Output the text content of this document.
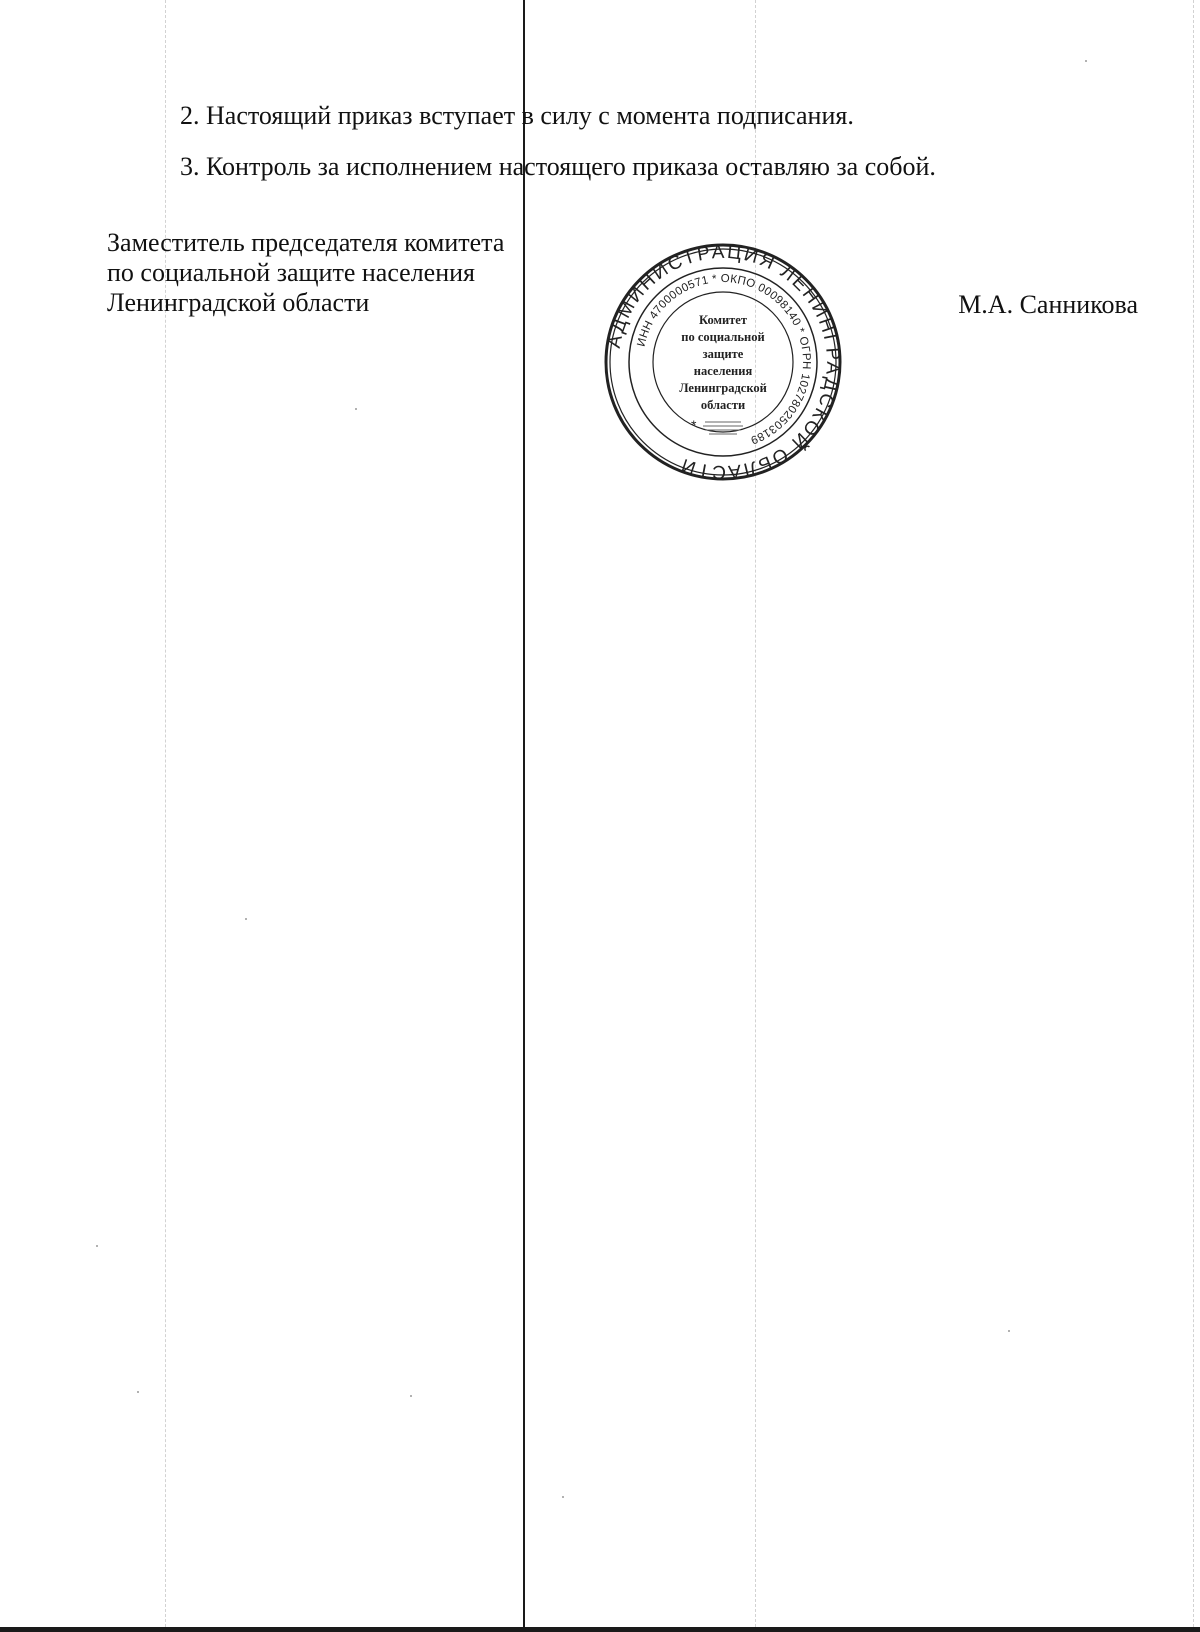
2. Настоящий приказ вступает в силу с момента подписания.

3. Контроль за исполнением настоящего приказа оставляю за собой.

Заместитель председателя комитета
по социальной защите населения
Ленинградской области	М.А. Санникова
АДМИНИСТРАЦИЯ ЛЕНИНГРАДСКОЙ ОБЛАСТИ
ИНН 4700000571 * ОКПО 00098140 * ОГРН 1027802503189
Комитет
по социальной
защите
населения
Ленинградской
области
*
